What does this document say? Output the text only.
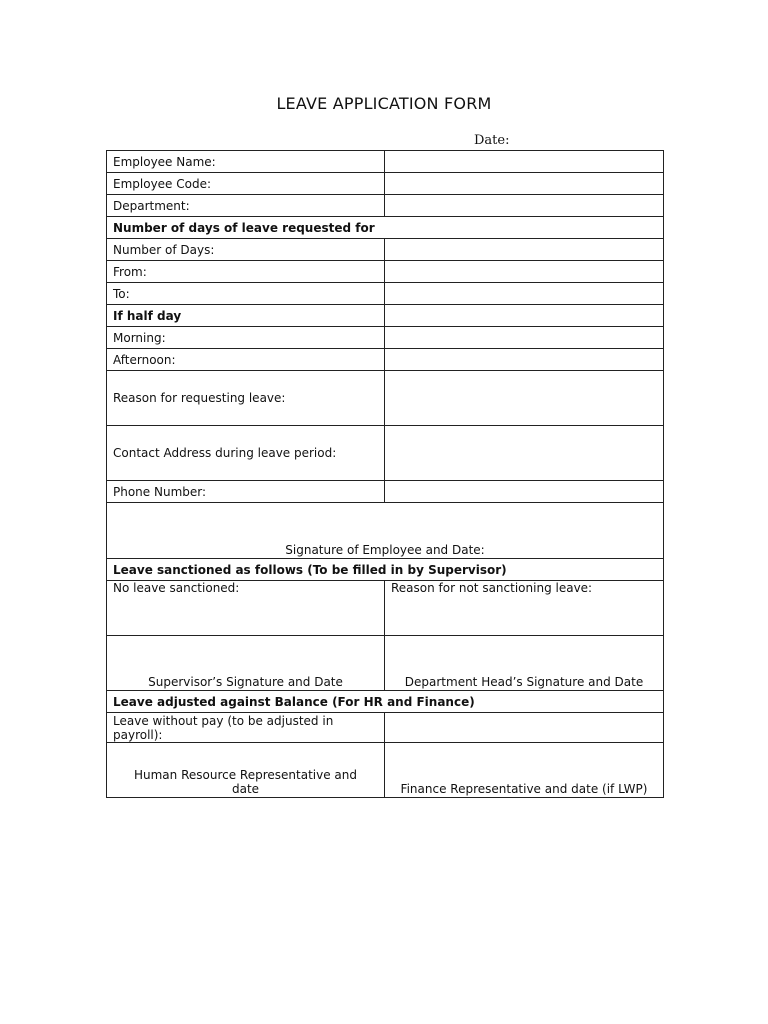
LEAVE APPLICATION FORM
Date:
Employee Name:	
Employee Code:	
Department:	
Number of days of leave requested for	
Number of Days:	
From:	
To:	
If half day	
Morning:	
Afternoon:	
Reason for requesting leave:	
Contact Address during leave period:	
Phone Number:	
Signature of Employee and Date:	
Leave sanctioned as follows (To be filled in by Supervisor)	
No leave sanctioned:	Reason for not sanctioning leave:
Supervisor’s Signature and Date	Department Head’s Signature and Date
Leave adjusted against Balance (For HR and Finance)	
Leave without pay (to be adjusted in payroll):	
Human Resource Representative and date	Finance Representative and date (if LWP)
